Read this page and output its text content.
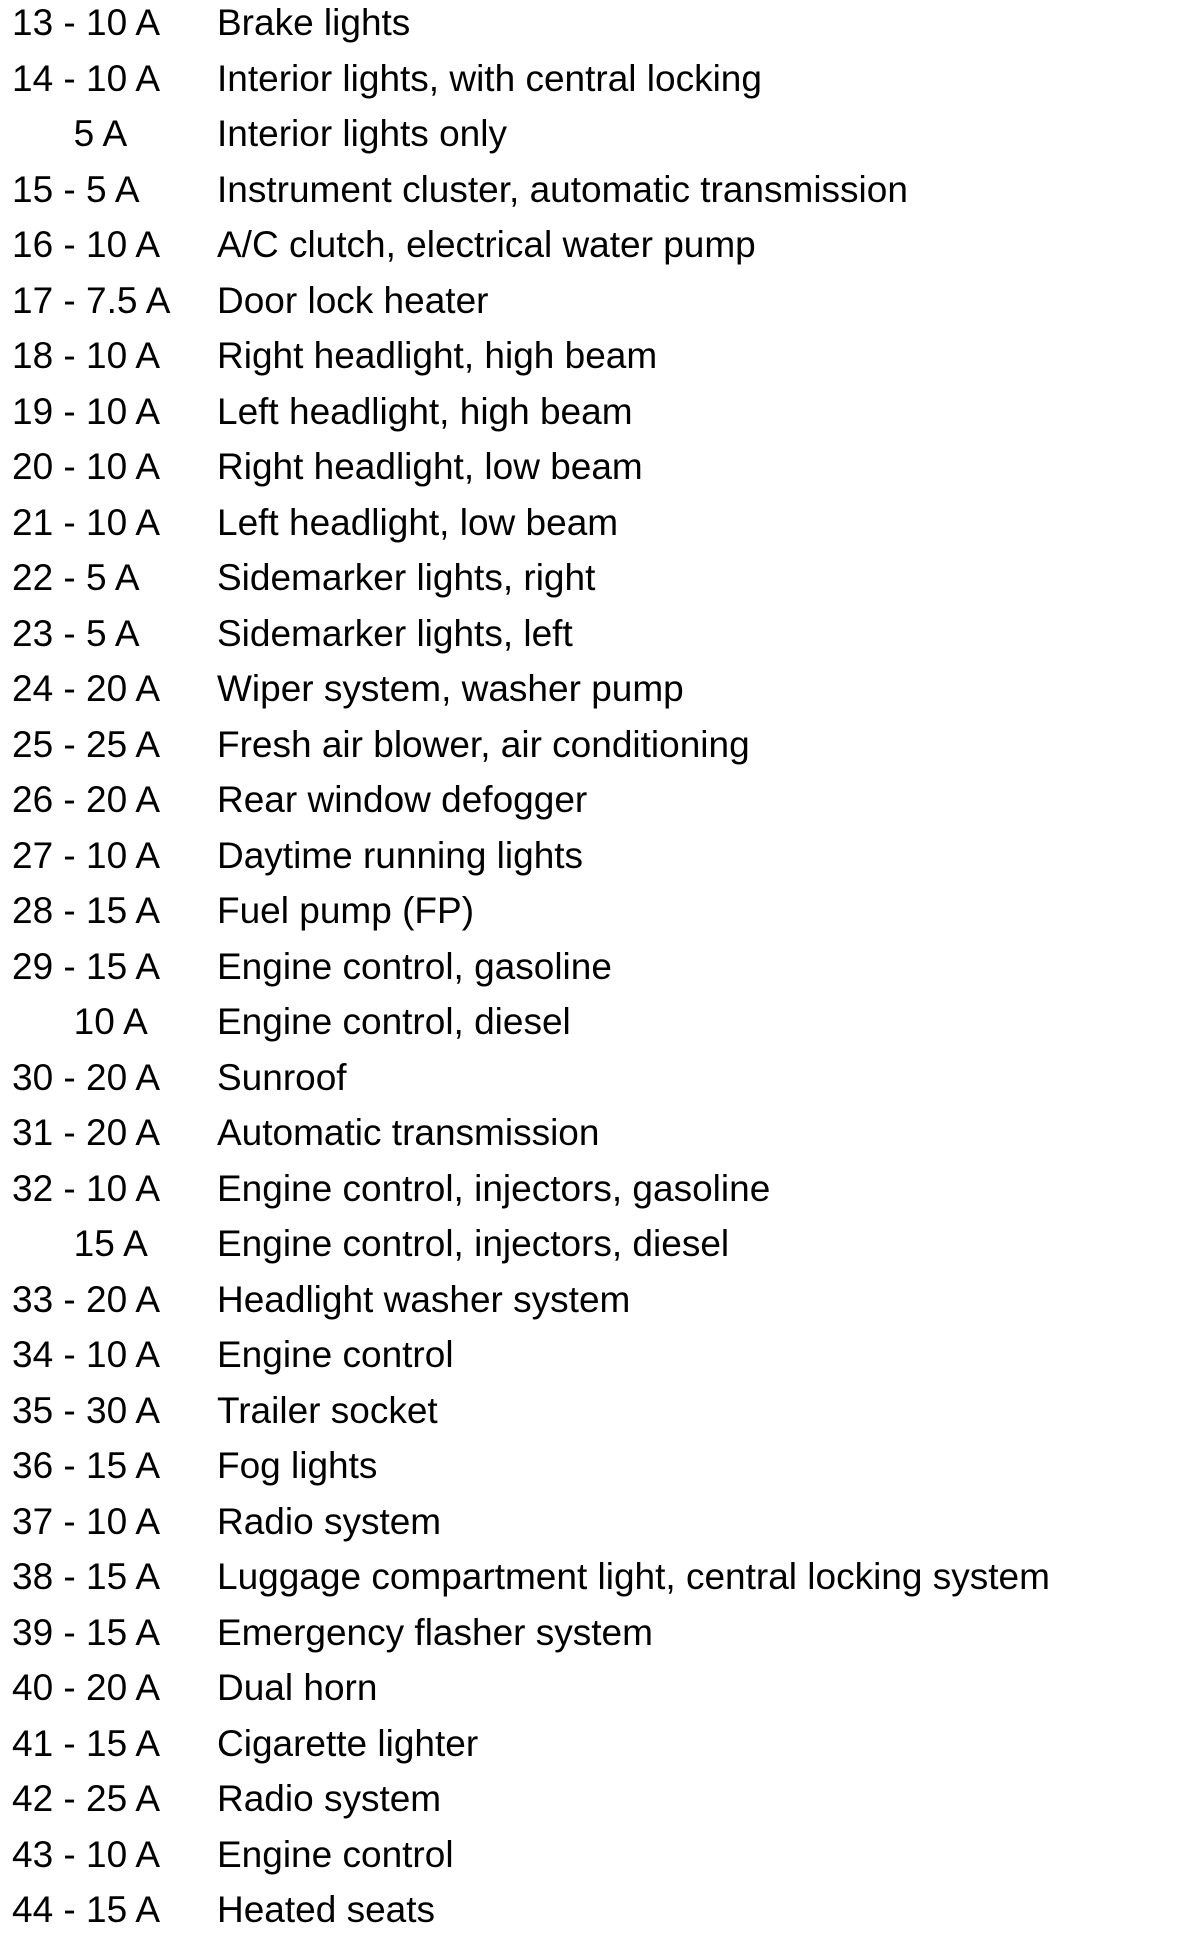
13 - 10 A Brake lights
14 - 10 A Interior lights, with central locking
5 A Interior lights only
15 - 5 A Instrument cluster, automatic transmission
16 - 10 A A/C clutch, electrical water pump
17 - 7.5 A Door lock heater
18 - 10 A Right headlight, high beam
19 - 10 A Left headlight, high beam
20 - 10 A Right headlight, low beam
21 - 10 A Left headlight, low beam
22 - 5 A Sidemarker lights, right
23 - 5 A Sidemarker lights, left
24 - 20 A Wiper system, washer pump
25 - 25 A Fresh air blower, air conditioning
26 - 20 A Rear window defogger
27 - 10 A Daytime running lights
28 - 15 A Fuel pump (FP)
29 - 15 A Engine control, gasoline
10 A Engine control, diesel
30 - 20 A Sunroof
31 - 20 A Automatic transmission
32 - 10 A Engine control, injectors, gasoline
15 A Engine control, injectors, diesel
33 - 20 A Headlight washer system
34 - 10 A Engine control
35 - 30 A Trailer socket
36 - 15 A Fog lights
37 - 10 A Radio system
38 - 15 A Luggage compartment light, central locking system
39 - 15 A Emergency flasher system
40 - 20 A Dual horn
41 - 15 A Cigarette lighter
42 - 25 A Radio system
43 - 10 A Engine control
44 - 15 A Heated seats
